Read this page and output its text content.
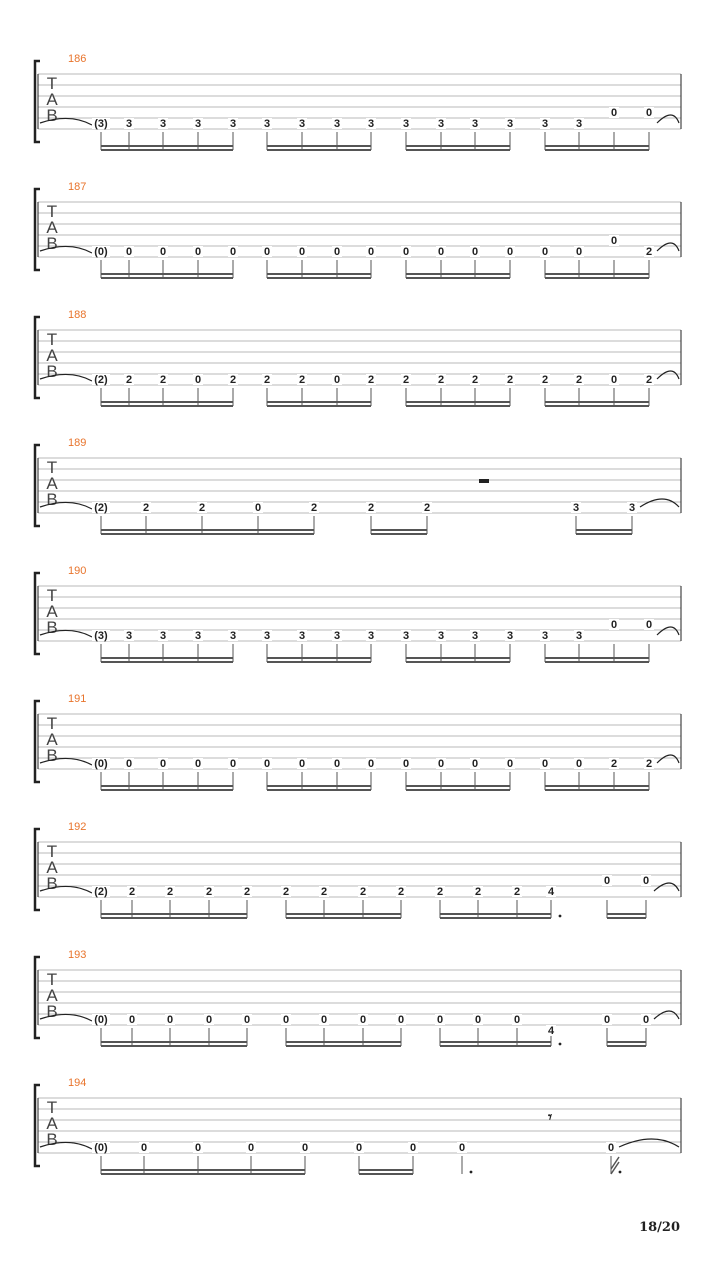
T
A
B
186
(3) 3	3	3	3	3	3	3	3	3	3	3	3	3	3
0	0
T
A
B
187
(0) 0	0	0	0	0	0	0	0	0	0	0	0	0	0
0
2
T
A
B
188
(2) 2	2	0	2	2	2	0	2	2	2	2	2	2	2	0	2
T
A
B
189
(2)	2	2	0	2	2	2	3	3
T
A
B
190
(3) 3	3	3	3	3	3	3	3	3	3	3	3	3	3
0	0
T
A
B
191
(0) 0	0	0	0	0	0	0	0	0	0	0	0	0	0	2	2
T
A
B
192
(2) 2	2	2	2	2	2	2	2	2	2	2	4
0	0
T
A
B
193
(0) 0	0	0	0	0	0	0	0	0	0	0
4
0	0
T
A
B
194
𝄾
(0)	0	0	0	0	0	0	0	0
18/20
